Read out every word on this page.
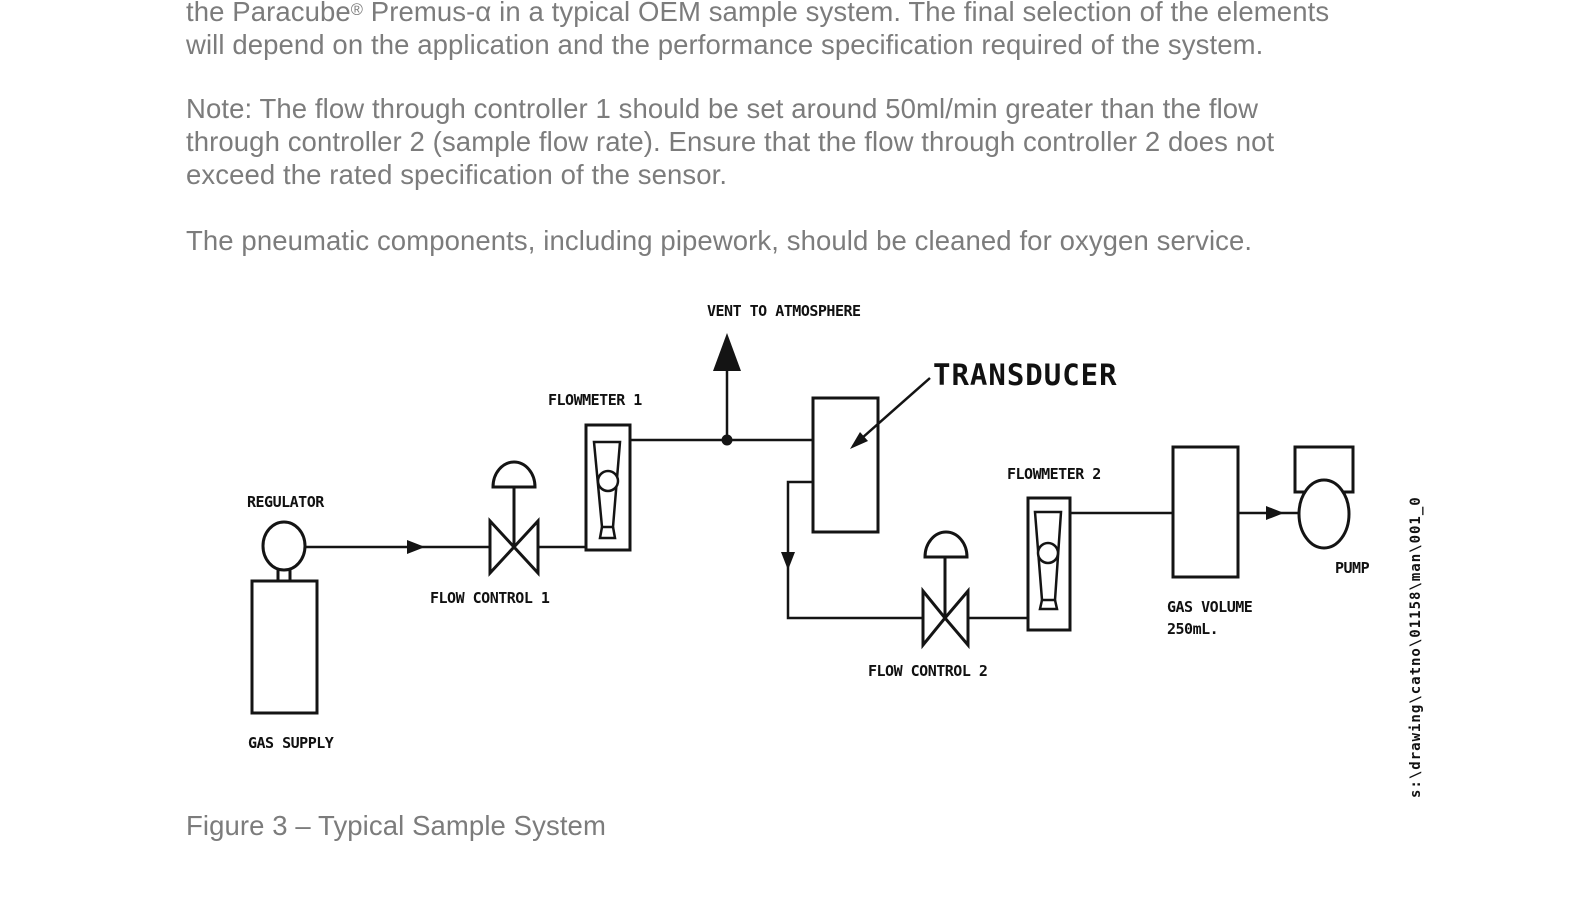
the Paracube® Premus-α in a typical OEM sample system. The final selection of the elements
will depend on the application and the performance specification required of the system.
Note: The flow through controller 1 should be set around 50ml/min greater than the flow
through controller 2 (sample flow rate). Ensure that the flow through controller 2 does not
exceed the rated specification of the sensor.
The pneumatic components, including pipework, should be cleaned for oxygen service.
Figure 3 – Typical Sample System
VENT TO ATMOSPHERE
FLOWMETER 1
TRANSDUCER
REGULATOR
FLOW CONTROL 1
FLOWMETER 2
FLOW CONTROL 2
GAS VOLUME
250mL.
PUMP
GAS SUPPLY	s:\drawing\catno\01158\man\001_0
